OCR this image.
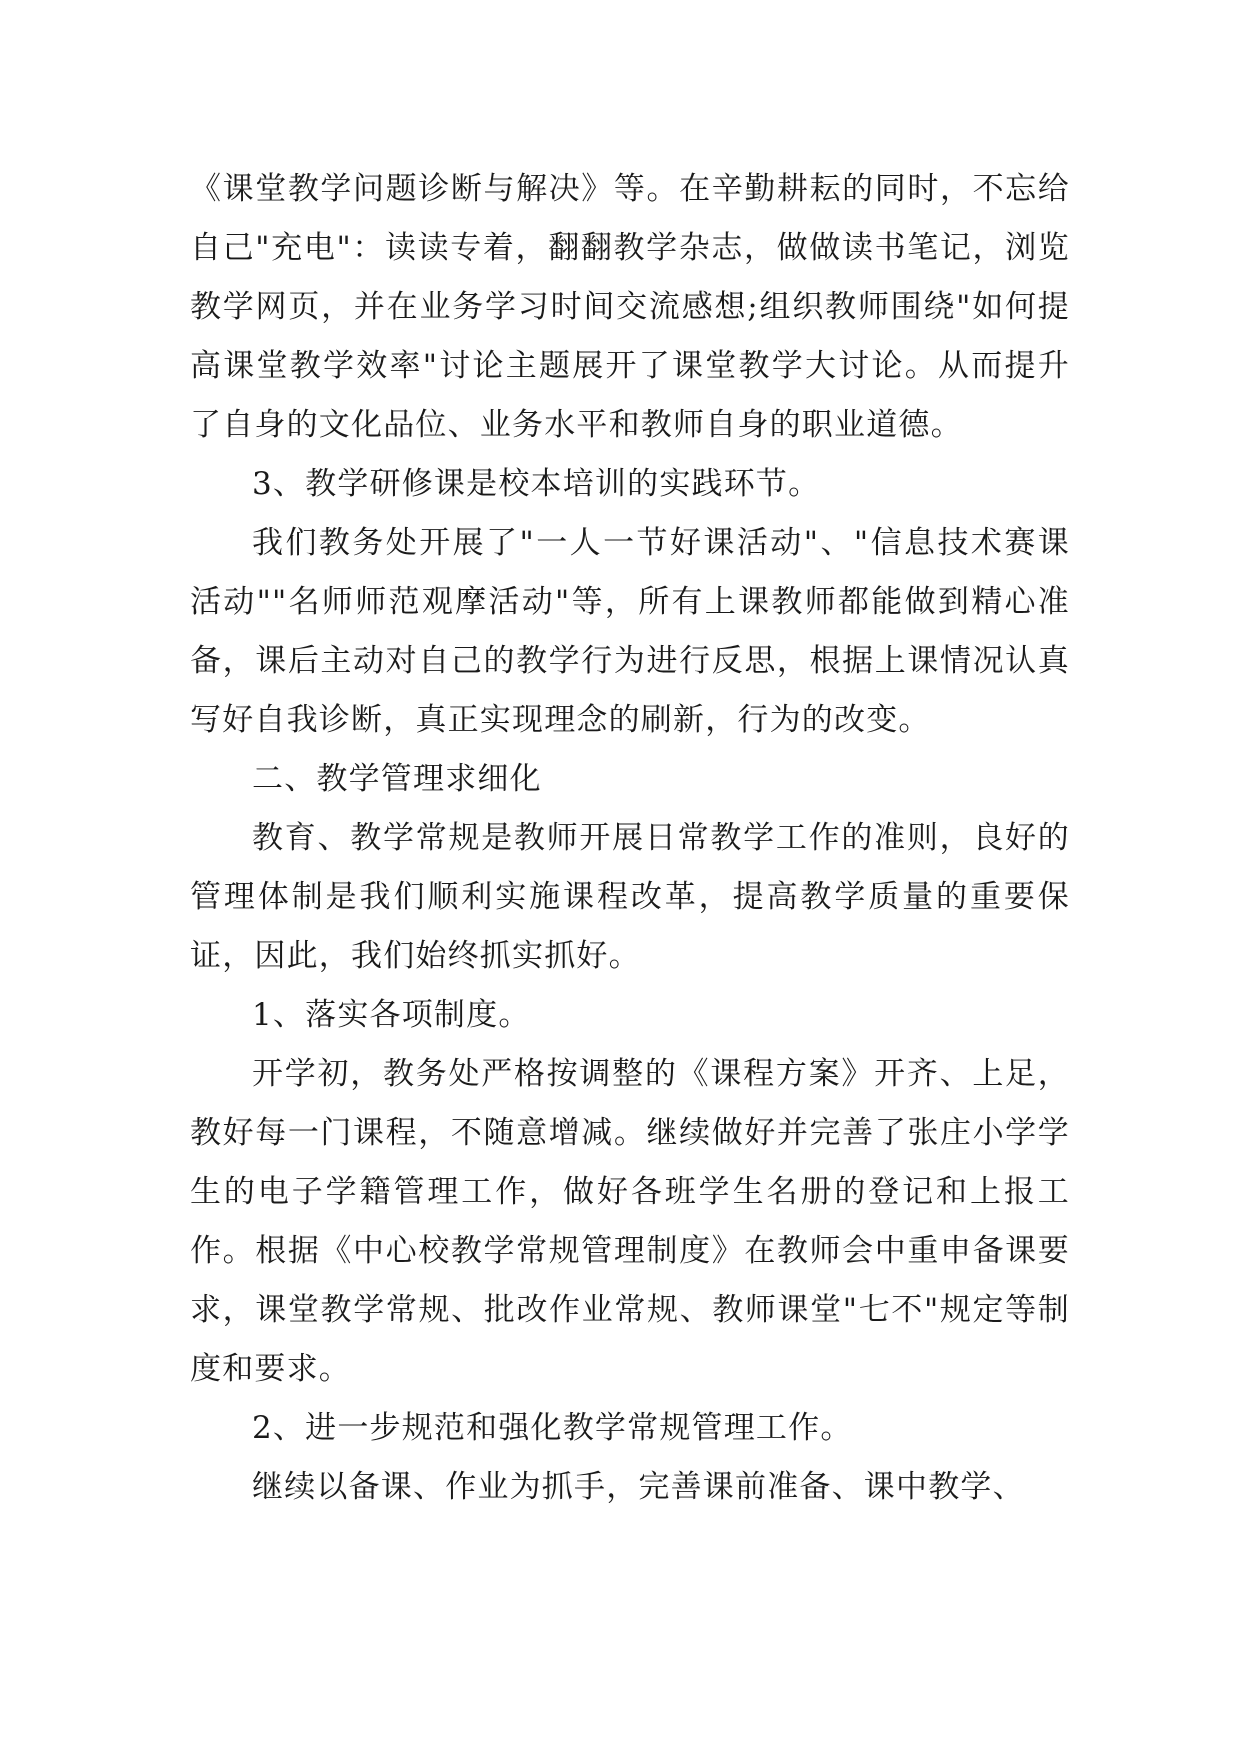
《课堂教学问题诊断与解决》等。在辛勤耕耘的同时，不忘给自己"充电"：读读专着，翻翻教学杂志，做做读书笔记，浏览教学网页，并在业务学习时间交流感想;组织教师围绕"如何提高课堂教学效率"讨论主题展开了课堂教学大讨论。从而提升了自身的文化品位、业务水平和教师自身的职业道德。

3、教学研修课是校本培训的实践环节。

我们教务处开展了"一人一节好课活动"、"信息技术赛课活动""名师师范观摩活动"等，所有上课教师都能做到精心准备，课后主动对自己的教学行为进行反思，根据上课情况认真写好自我诊断，真正实现理念的刷新，行为的改变。

二、教学管理求细化

教育、教学常规是教师开展日常教学工作的准则，良好的管理体制是我们顺利实施课程改革，提高教学质量的重要保证，因此，我们始终抓实抓好。

1、落实各项制度。

开学初，教务处严格按调整的《课程方案》开齐、上足，教好每一门课程，不随意增减。继续做好并完善了张庄小学学生的电子学籍管理工作，做好各班学生名册的登记和上报工作。根据《中心校教学常规管理制度》在教师会中重申备课要求，课堂教学常规、批改作业常规、教师课堂"七不"规定等制度和要求。

2、进一步规范和强化教学常规管理工作。

继续以备课、作业为抓手，完善课前准备、课中教学、
